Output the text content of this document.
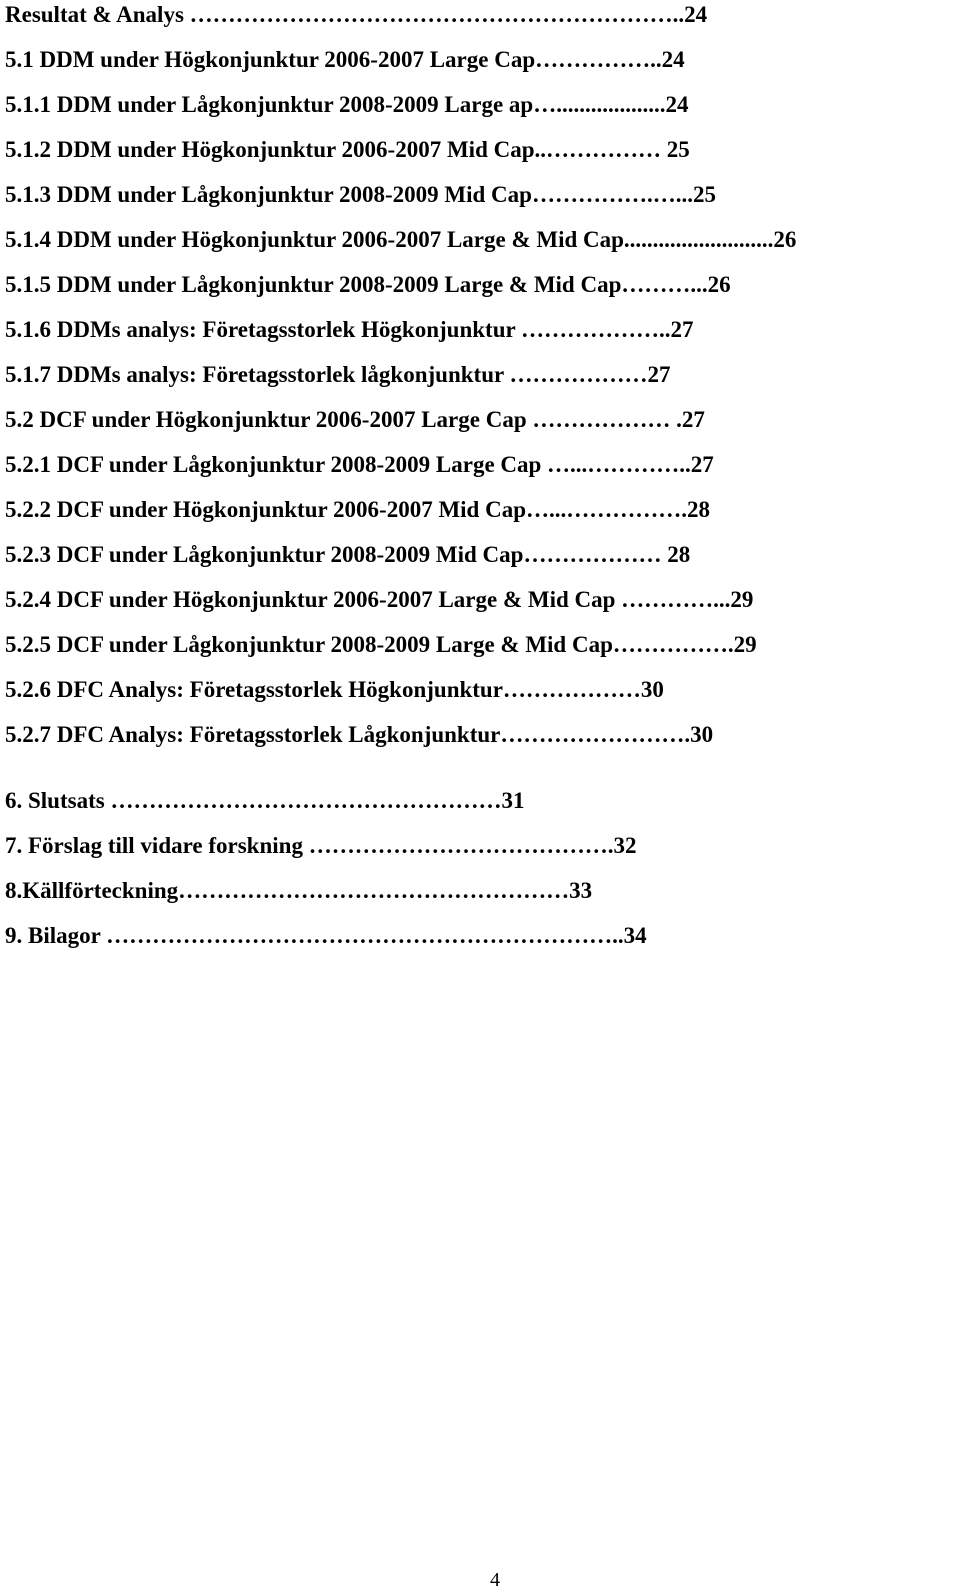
Resultat & Analys ………………………………………………………..24
5.1 DDM under Högkonjunktur 2006-2007 Large Cap……………..24
5.1.1 DDM under Lågkonjunktur 2008-2009 Large ap…...................24
5.1.2 DDM under Högkonjunktur 2006-2007 Mid Cap..…………… 25
5.1.3 DDM under Lågkonjunktur 2008-2009 Mid Cap…………….…...25
5.1.4 DDM under Högkonjunktur 2006-2007 Large & Mid Cap..........................26
5.1.5 DDM under Lågkonjunktur 2008-2009 Large & Mid Cap………...26
5.1.6 DDMs analys: Företagsstorlek Högkonjunktur ………………..27
5.1.7 DDMs analys: Företagsstorlek lågkonjunktur ………………27
5.2 DCF under Högkonjunktur 2006-2007 Large Cap ……………… .27
5.2.1 DCF under Lågkonjunktur 2008-2009 Large Cap …...…………..27
5.2.2 DCF under Högkonjunktur 2006-2007 Mid Cap…...…………….28
5.2.3 DCF under Lågkonjunktur 2008-2009 Mid Cap……………… 28
5.2.4 DCF under Högkonjunktur 2006-2007 Large & Mid Cap …………...29
5.2.5 DCF under Lågkonjunktur 2008-2009 Large & Mid Cap…………….29
5.2.6 DFC Analys: Företagsstorlek Högkonjunktur………………30
5.2.7 DFC Analys: Företagsstorlek Lågkonjunktur…………………….30
6. Slutsats ……………………………………………31
7. Förslag till vidare forskning ………………………………….32
8.Källförteckning……………………………………………33
9. Bilagor …………………………………………………………..34
4
